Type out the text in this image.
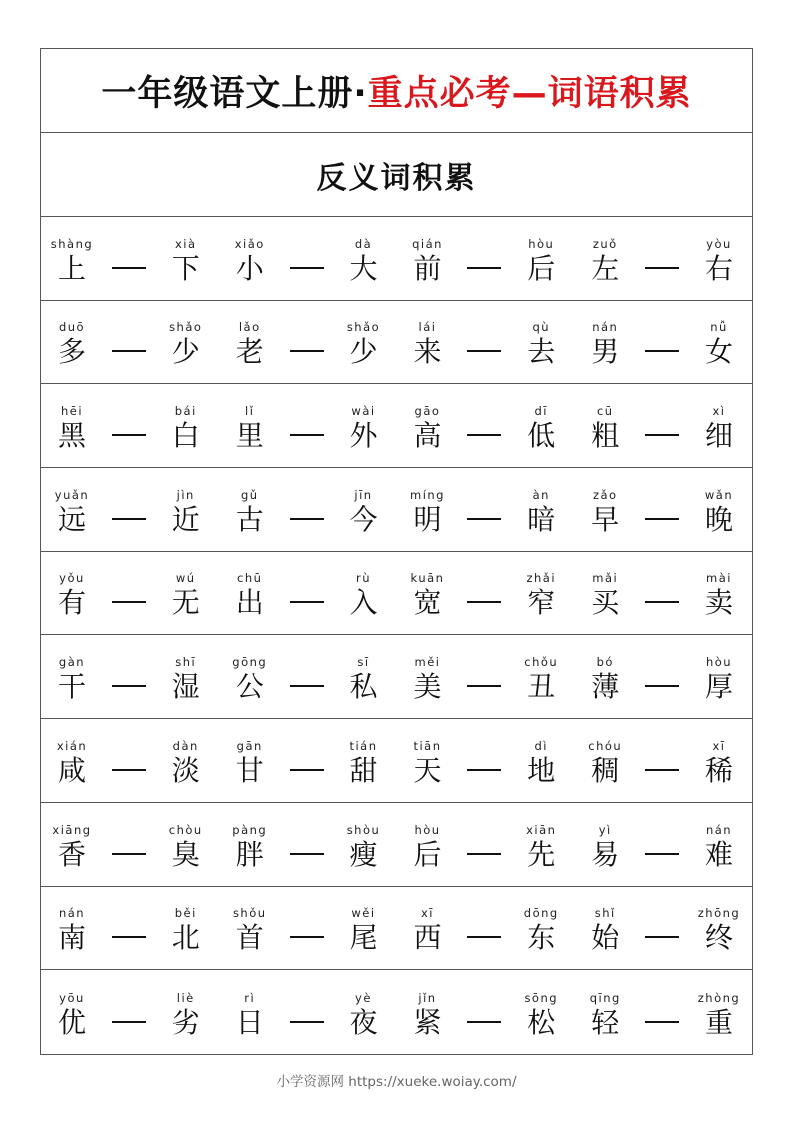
一年级语文上册· 重点必考—词语积累
反义词积累
shàng
上
xià
下
xiǎo
小
dà
大
qián
前
hòu
后
zuǒ
左
yòu
右
duō
多
shǎo
少
lǎo
老
shǎo
少
lái
来
qù
去
nán
男
nǚ
女
hēi
黑
bái
白
lǐ
里
wài
外
gāo
高
dī
低
cū
粗
xì
细
yuǎn
远
jìn
近
gǔ
古
jīn
今
míng
明
àn
暗
zǎo
早
wǎn
晚
yǒu
有
wú
无
chū
出
rù
入
kuān
宽
zhǎi
窄
mǎi
买
mài
卖
gàn
干
shī
湿
gōng
公
sī
私
měi
美
chǒu
丑
bó
薄
hòu
厚
xián
咸
dàn
淡
gān
甘
tián
甜
tiān
天
dì
地
chóu
稠
xī
稀
xiāng
香
chòu
臭
pàng
胖
shòu
瘦
hòu
后
xiān
先
yì
易
nán
难
nán
南
běi
北
shǒu
首
wěi
尾
xī
西
dōng
东
shǐ
始
zhōng
终
yōu
优
liè
劣
rì
日
yè
夜
jǐn
紧
sōng
松
qīng
轻
zhòng
重
小学资源网 https://xueke.woiay.com/
